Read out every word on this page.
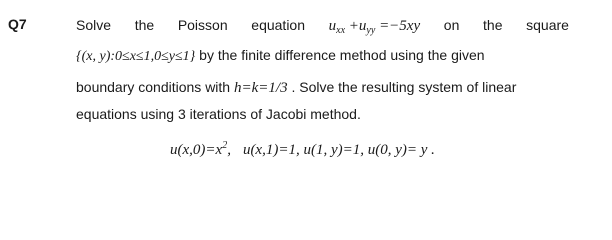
Q7	Solve the Poisson equation $u_{xx} +u_{yy} =-5xy$ on the square
{(x, y):0≤x≤1,0≤y≤1} by the finite difference method using the given
boundary conditions with h=k=1/3 . Solve the resulting system of linear
equations using 3 iterations of Jacobi method.
$u(x,0)=x^2$, u(x,1)=1, u(1, y)=1, u(0, y)= y .
